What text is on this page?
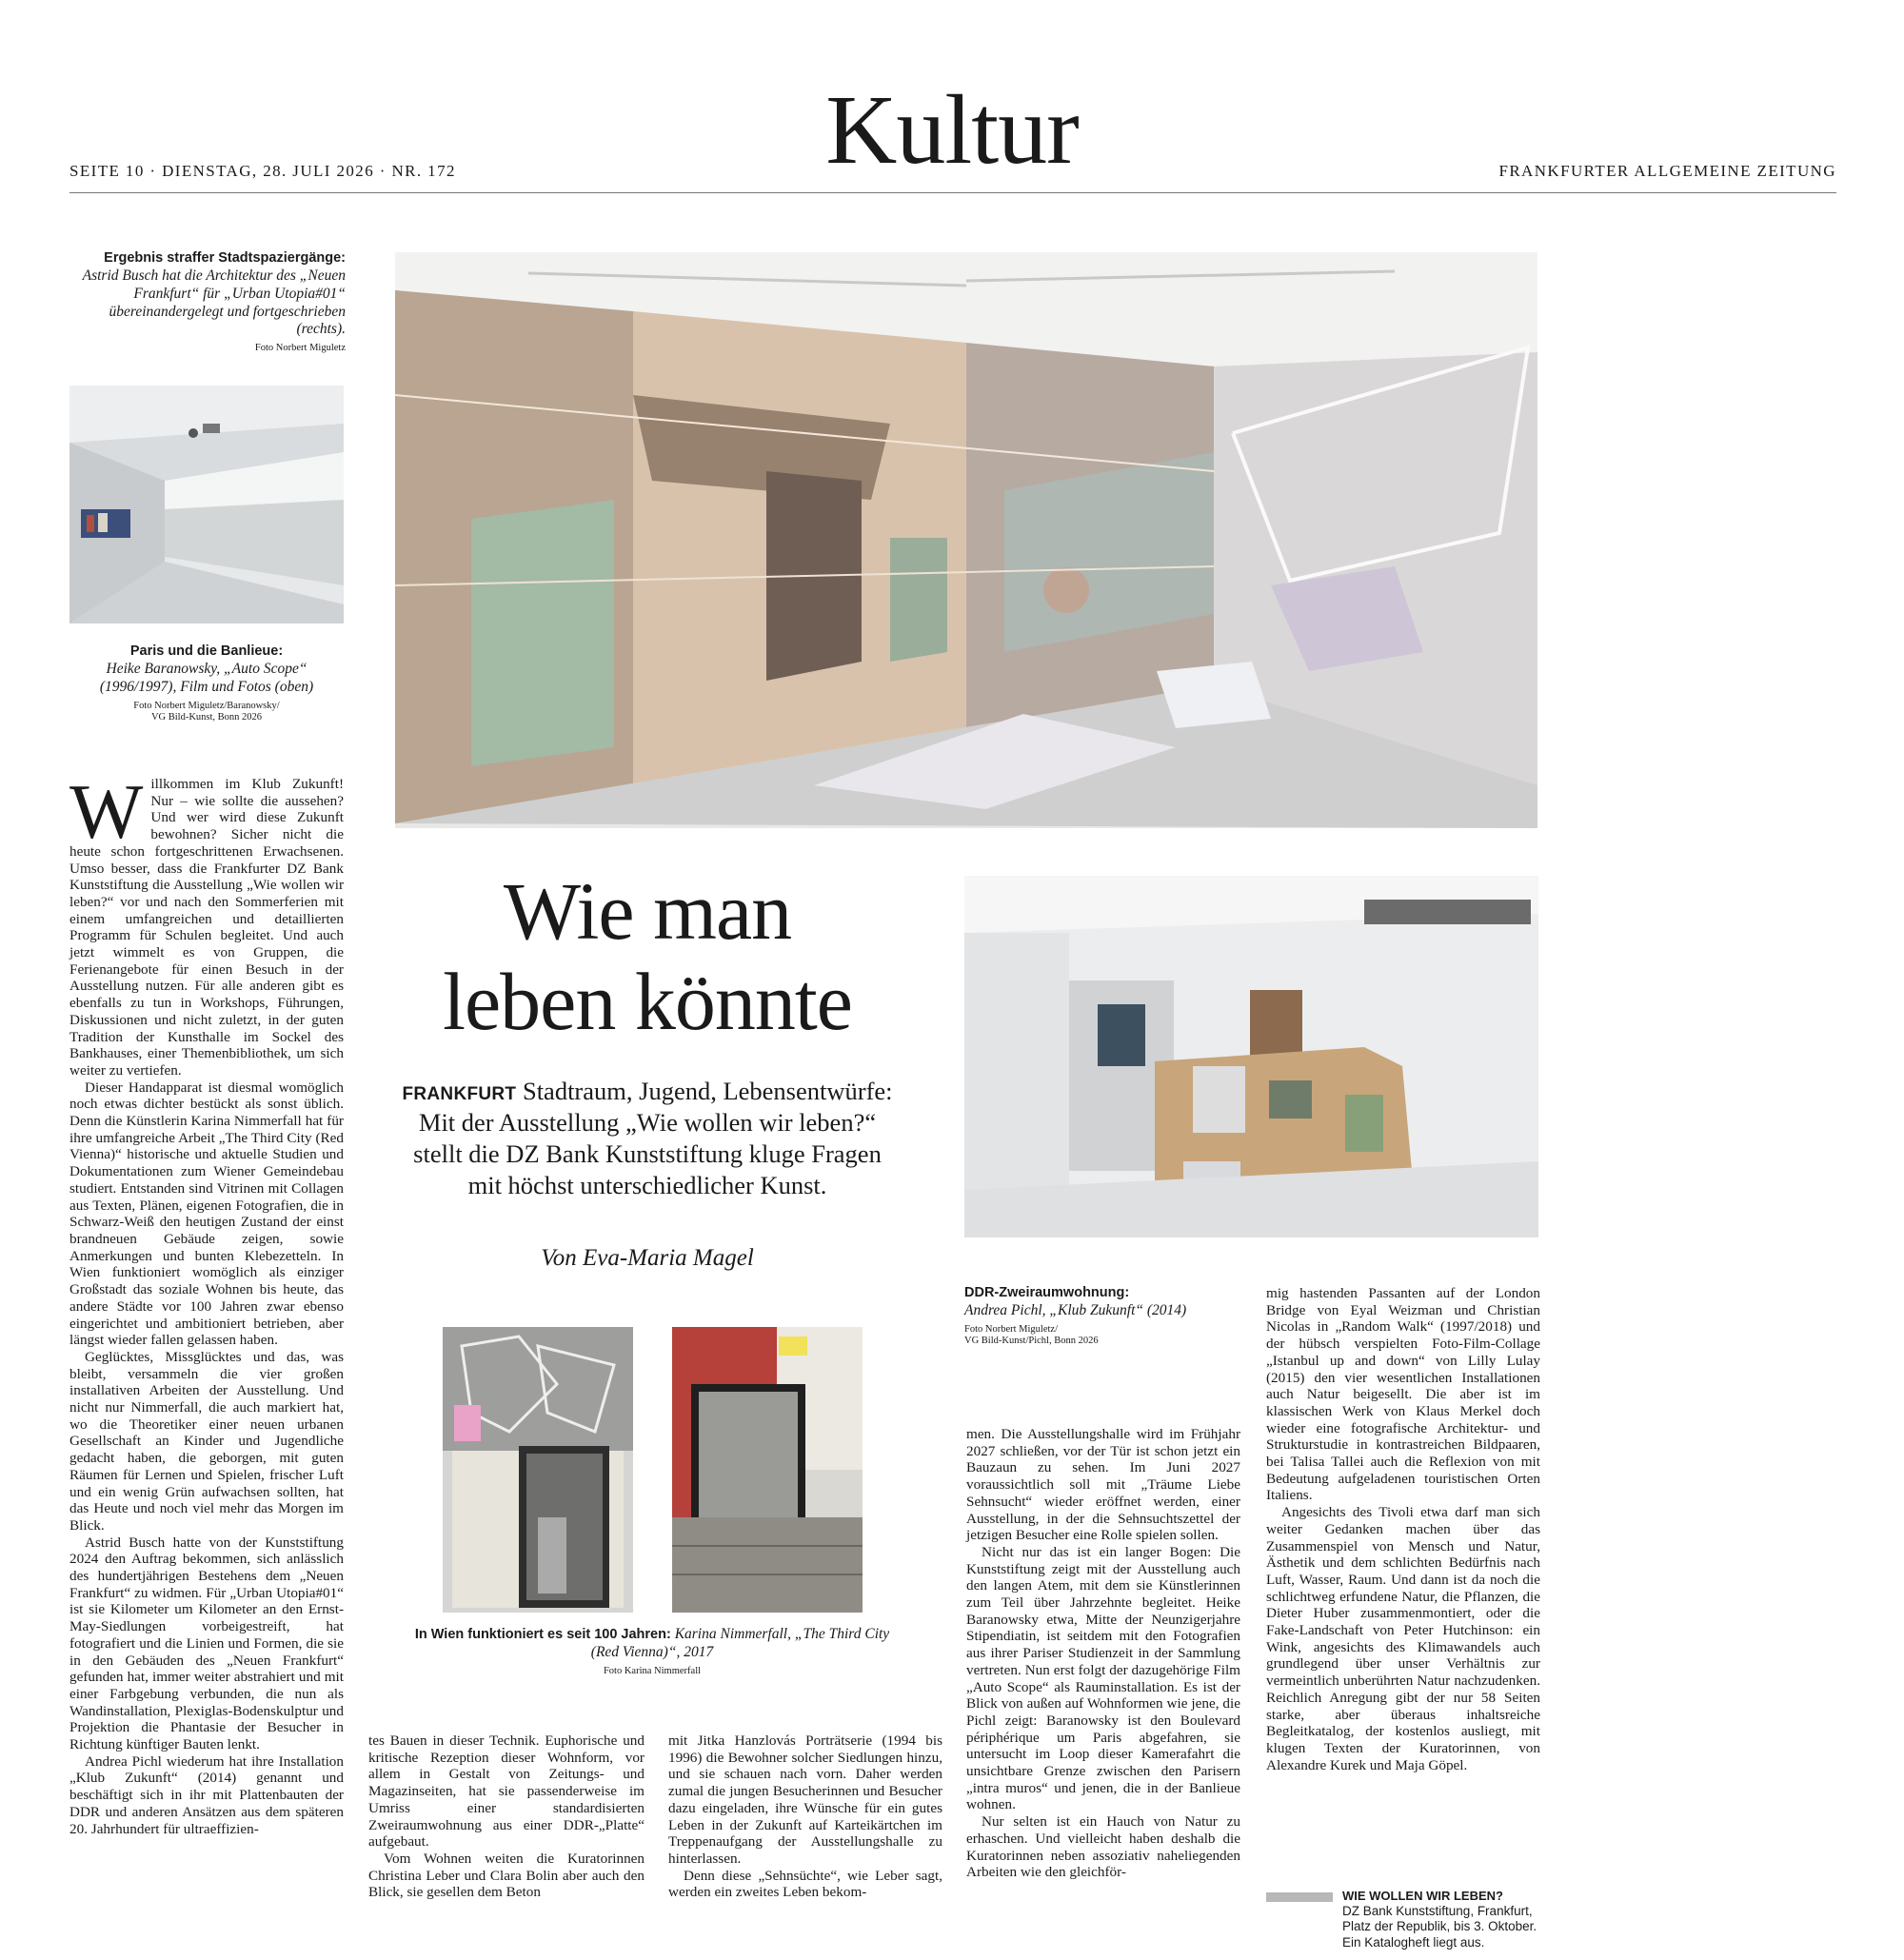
Kultur
SEITE 10 · DIENSTAG, 28. JULI 2026 · NR. 172	FRANKFURTER ALLGEMEINE ZEITUNG
Ergebnis straffer Stadtspaziergänge:
Astrid Busch hat die Architektur des „Neuen Frankfurt“ für „Urban Utopia#01“ übereinandergelegt und fortgeschrieben (rechts).
Foto Norbert Miguletz
Paris und die Banlieue:
Heike Baranowsky, „Auto Scope“ (1996/1997), Film und Fotos (oben)
Foto Norbert Miguletz/Baranowsky/
VG Bild-Kunst, Bonn 2026
Wie man
leben könnte
FRANKFURT Stadtraum, Jugend, Lebensentwürfe: Mit der Ausstellung „Wie wollen wir leben?“ stellt die DZ Bank Kunststiftung kluge Fragen mit höchst unterschiedlicher Kunst.
Von Eva-Maria Magel
In Wien funktioniert es seit 100 Jahren: Karina Nimmerfall, „The Third City (Red Vienna)“, 2017
Foto Karina Nimmerfall
DDR-Zweiraumwohnung:
Andrea Pichl, „Klub Zukunft“ (2014)
Foto Norbert Miguletz/
VG Bild-Kunst/Pichl, Bonn 2026

Willkommen im Klub Zukunft! Nur – wie sollte die aussehen? Und wer wird diese Zukunft bewohnen? Sicher nicht die heute schon fortgeschrittenen Erwachsenen. Umso besser, dass die Frankfurter DZ Bank Kunststiftung die Ausstellung „Wie wollen wir leben?“ vor und nach den Sommerferien mit einem umfangreichen und detaillierten Programm für Schulen begleitet. Und auch jetzt wimmelt es von Gruppen, die Ferienangebote für einen Besuch in der Ausstellung nutzen. Für alle anderen gibt es ebenfalls zu tun in Workshops, Führungen, Diskussionen und nicht zuletzt, in der guten Tradition der Kunsthalle im Sockel des Bankhauses, einer Themenbibliothek, um sich weiter zu vertiefen.

Dieser Handapparat ist diesmal womöglich noch etwas dichter bestückt als sonst üblich. Denn die Künstlerin Karina Nimmerfall hat für ihre umfangreiche Arbeit „The Third City (Red Vienna)“ historische und aktuelle Studien und Dokumentationen zum Wiener Gemeindebau studiert. Entstanden sind Vitrinen mit Collagen aus Texten, Plänen, eigenen Fotografien, die in Schwarz-Weiß den heutigen Zustand der einst brandneuen Gebäude zeigen, sowie Anmerkungen und bunten Klebezetteln. In Wien funktioniert womöglich als einziger Großstadt das soziale Wohnen bis heute, das andere Städte vor 100 Jahren zwar ebenso eingerichtet und ambitioniert betrieben, aber längst wieder fallen gelassen haben.

Geglücktes, Missglücktes und das, was bleibt, versammeln die vier großen installativen Arbeiten der Ausstellung. Und nicht nur Nimmerfall, die auch markiert hat, wo die Theoretiker einer neuen urbanen Gesellschaft an Kinder und Jugendliche gedacht haben, die geborgen, mit guten Räumen für Lernen und Spielen, frischer Luft und ein wenig Grün aufwachsen sollten, hat das Heute und noch viel mehr das Morgen im Blick.

Astrid Busch hatte von der Kunststiftung 2024 den Auftrag bekommen, sich anlässlich des hundertjährigen Bestehens dem „Neuen Frankfurt“ zu widmen. Für „Urban Utopia#01“ ist sie Kilometer um Kilometer an den Ernst-May-Siedlungen vorbeigestreift, hat fotografiert und die Linien und Formen, die sie in den Gebäuden des „Neuen Frankfurt“ gefunden hat, immer weiter abstrahiert und mit einer Farbgebung verbunden, die nun als Wandinstallation, Plexiglas-Bodenskulptur und Projektion die Phantasie der Besucher in Richtung künftiger Bauten lenkt.

Andrea Pichl wiederum hat ihre Installation „Klub Zukunft“ (2014) genannt und beschäftigt sich in ihr mit Plattenbauten der DDR und anderen Ansätzen aus dem späteren 20. Jahrhundert für ultraeffizien-

tes Bauen in dieser Technik. Euphorische und kritische Rezeption dieser Wohnform, vor allem in Gestalt von Zeitungs- und Magazinseiten, hat sie passenderweise im Umriss einer standardisierten Zweiraumwohnung aus einer DDR-„Platte“ aufgebaut.

Vom Wohnen weiten die Kuratorinnen Christina Leber und Clara Bolin aber auch den Blick, sie gesellen dem Beton

mit Jitka Hanzlovás Porträtserie (1994 bis 1996) die Bewohner solcher Siedlungen hinzu, und sie schauen nach vorn. Daher werden zumal die jungen Besucherinnen und Besucher dazu eingeladen, ihre Wünsche für ein gutes Leben in der Zukunft auf Karteikärtchen im Treppenaufgang der Ausstellungshalle zu hinterlassen.

Denn diese „Sehnsüchte“, wie Leber sagt, werden ein zweites Leben bekom-

men. Die Ausstellungshalle wird im Frühjahr 2027 schließen, vor der Tür ist schon jetzt ein Bauzaun zu sehen. Im Juni 2027 voraussichtlich soll mit „Träume Liebe Sehnsucht“ wieder eröffnet werden, einer Ausstellung, in der die Sehnsuchtszettel der jetzigen Besucher eine Rolle spielen sollen.

Nicht nur das ist ein langer Bogen: Die Kunststiftung zeigt mit der Ausstellung auch den langen Atem, mit dem sie Künstlerinnen zum Teil über Jahrzehnte begleitet. Heike Baranowsky etwa, Mitte der Neunzigerjahre Stipendiatin, ist seitdem mit den Fotografien aus ihrer Pariser Studienzeit in der Sammlung vertreten. Nun erst folgt der dazugehörige Film „Auto Scope“ als Rauminstallation. Es ist der Blick von außen auf Wohnformen wie jene, die Pichl zeigt: Baranowsky ist den Boulevard périphérique um Paris abgefahren, sie untersucht im Loop dieser Kamerafahrt die unsichtbare Grenze zwischen den Parisern „intra muros“ und jenen, die in der Banlieue wohnen.

Nur selten ist ein Hauch von Natur zu erhaschen. Und vielleicht haben deshalb die Kuratorinnen neben assoziativ naheliegenden Arbeiten wie den gleichför-

mig hastenden Passanten auf der London Bridge von Eyal Weizman und Christian Nicolas in „Random Walk“ (1997/2018) und der hübsch verspielten Foto-Film-Collage „Istanbul up and down“ von Lilly Lulay (2015) den vier wesentlichen Installationen auch Natur beigesellt. Die aber ist im klassischen Werk von Klaus Merkel doch wieder eine fotografische Architektur- und Strukturstudie in kontrastreichen Bildpaaren, bei Talisa Tallei auch die Reflexion von mit Bedeutung aufgeladenen touristischen Orten Italiens.

Angesichts des Tivoli etwa darf man sich weiter Gedanken machen über das Zusammenspiel von Mensch und Natur, Ästhetik und dem schlichten Bedürfnis nach Luft, Wasser, Raum. Und dann ist da noch die schlichtweg erfundene Natur, die Pflanzen, die Dieter Huber zusammenmontiert, oder die Fake-Landschaft von Peter Hutchinson: ein Wink, angesichts des Klimawandels auch grundlegend über unser Verhältnis zur vermeintlich unberührten Natur nachzudenken. Reichlich Anregung gibt der nur 58 Seiten starke, aber überaus inhaltsreiche Begleitkatalog, der kostenlos ausliegt, mit klugen Texten der Kuratorinnen, von Alexandre Kurek und Maja Göpel.

WIE WOLLEN WIR LEBEN?
DZ Bank Kunststiftung, Frankfurt,
Platz der Republik, bis 3. Oktober.
Ein Katalogheft liegt aus.
